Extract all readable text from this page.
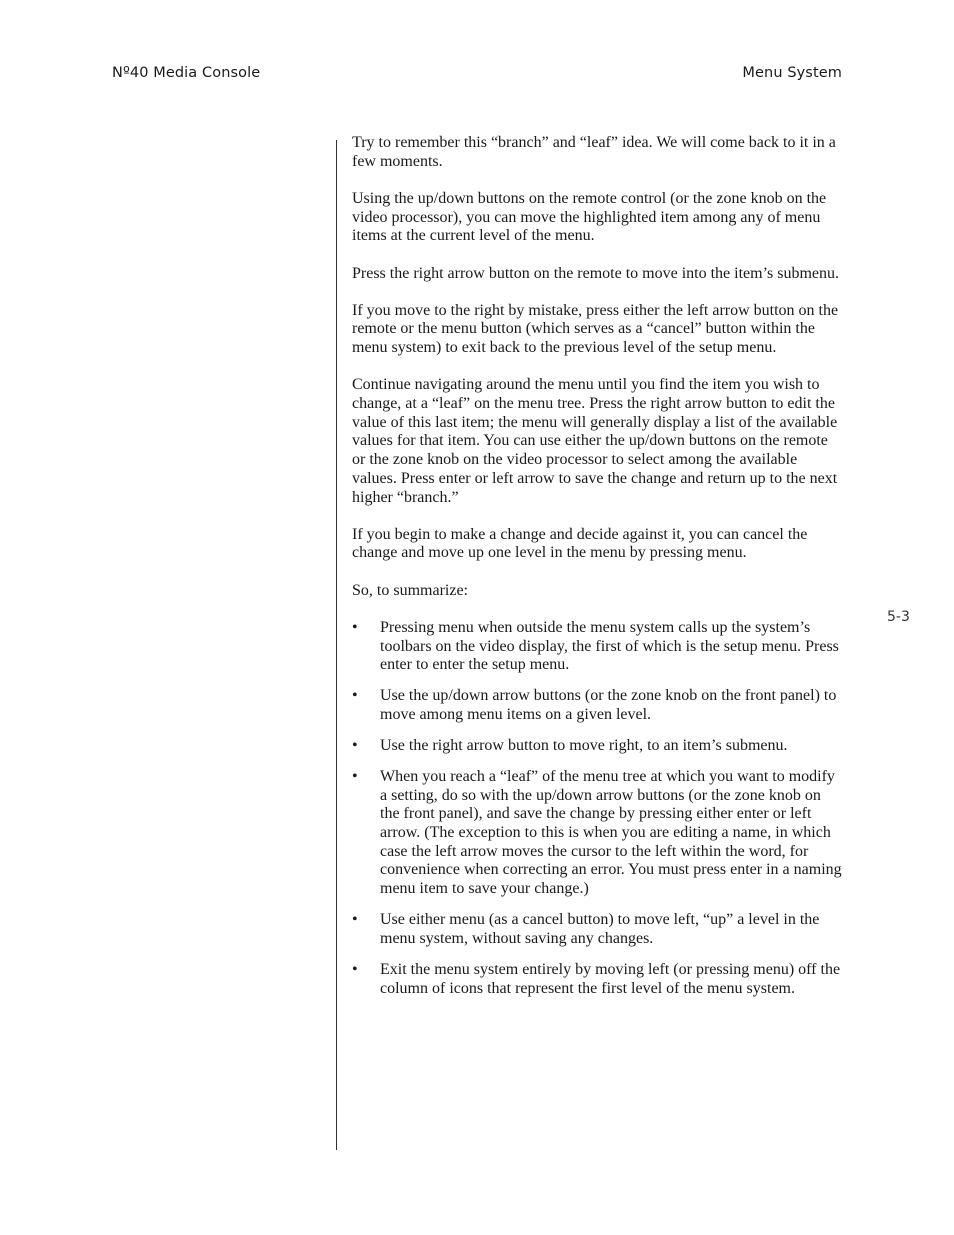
Nº40 Media Console	Menu System
5-3

Try to remember this “branch” and “leaf” idea. We will come back to it in a few moments.

Using the up/down buttons on the remote control (or the zone knob on the video processor), you can move the highlighted item among any of menu items at the current level of the menu.

Press the right arrow button on the remote to move into the item’s submenu.

If you move to the right by mistake, press either the left arrow button on the remote or the menu button (which serves as a “cancel” button within the menu system) to exit back to the previous level of the setup menu.

Continue navigating around the menu until you find the item you wish to change, at a “leaf” on the menu tree. Press the right arrow button to edit the value of this last item; the menu will generally display a list of the available values for that item. You can use either the up/down buttons on the remote or the zone knob on the video processor to select among the available values. Press enter or left arrow to save the change and return up to the next higher “branch.”

If you begin to make a change and decide against it, you can cancel the change and move up one level in the menu by pressing menu.

So, to summarize:

• Pressing menu when outside the menu system calls up the system’s toolbars on the video display, the first of which is the setup menu. Press enter to enter the setup menu.
• Use the up/down arrow buttons (or the zone knob on the front panel) to move among menu items on a given level.
• Use the right arrow button to move right, to an item’s submenu.
• When you reach a “leaf” of the menu tree at which you want to modify a setting, do so with the up/down arrow buttons (or the zone knob on the front panel), and save the change by pressing either enter or left arrow. (The exception to this is when you are editing a name, in which case the left arrow moves the cursor to the left within the word, for convenience when correcting an error. You must press enter in a naming menu item to save your change.)
• Use either menu (as a cancel button) to move left, “up” a level in the menu system, without saving any changes.
• Exit the menu system entirely by moving left (or pressing menu) off the column of icons that represent the first level of the menu system.
